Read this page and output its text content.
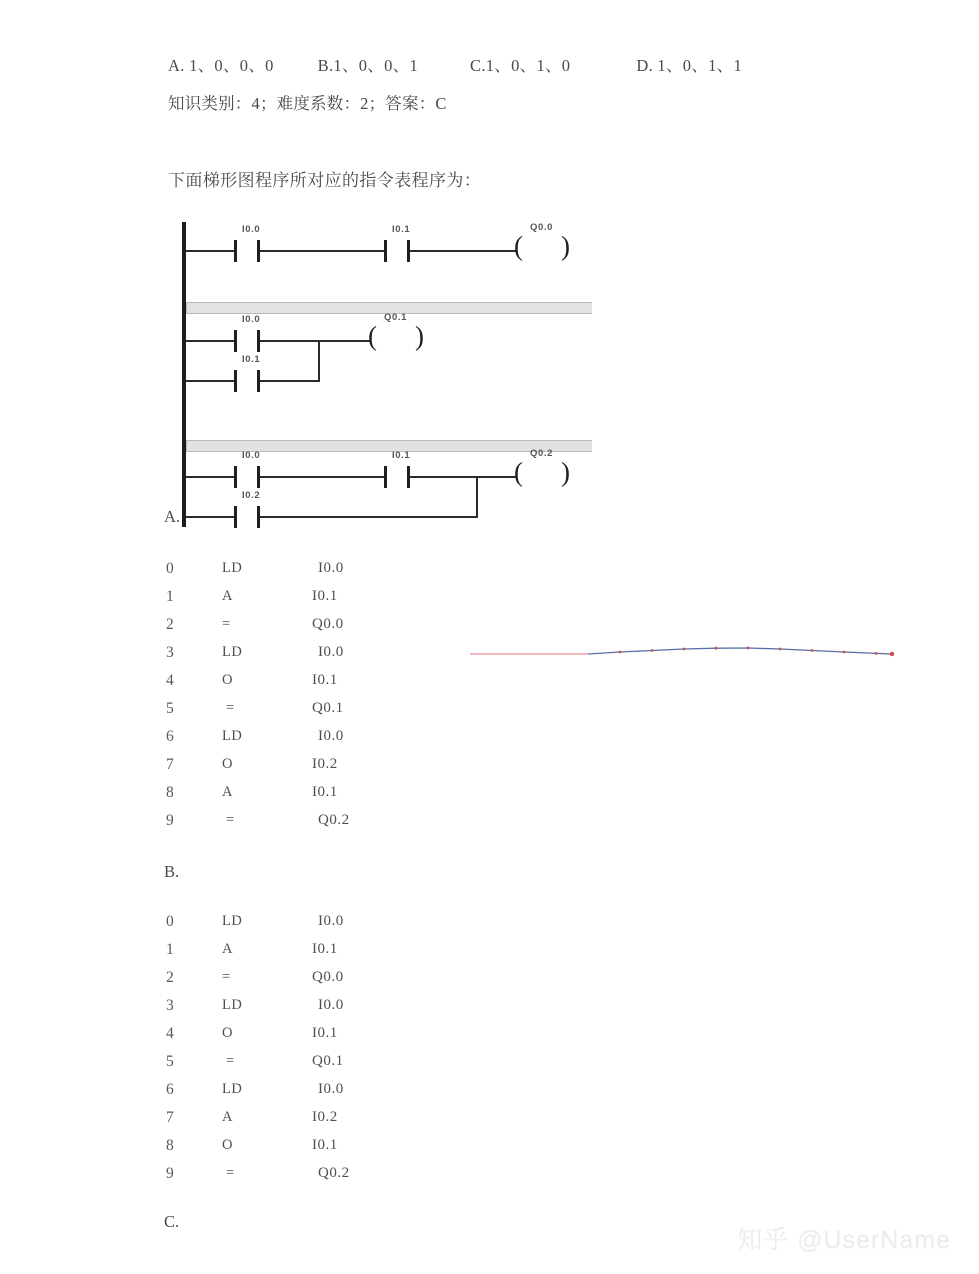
A. 1、0、0、0	B.1、0、0、1	C.1、0、1、0	D. 1、0、1、1
知识类别：4；难度系数：2；答案：C
下面梯形图程序所对应的指令表程序为：
I0.0	I0.1
( )
Q0.0
I0.0
I0.1
( )
Q0.1
I0.0	I0.1
I0.2
( )
Q0.2
A.
0	LD	I0.0
1	A	I0.1
2	=	Q0.0
3	LD	I0.0
4	O	I0.1
5	=	Q0.1
6	LD	I0.0
7	O	I0.2
8	A	I0.1
9	=	Q0.2
B.
0	LD	I0.0
1	A	I0.1
2	=	Q0.0
3	LD	I0.0
4	O	I0.1
5	=	Q0.1
6	LD	I0.0
7	A	I0.2
8	O	I0.1
9	=	Q0.2
C.
知乎 @UserName
